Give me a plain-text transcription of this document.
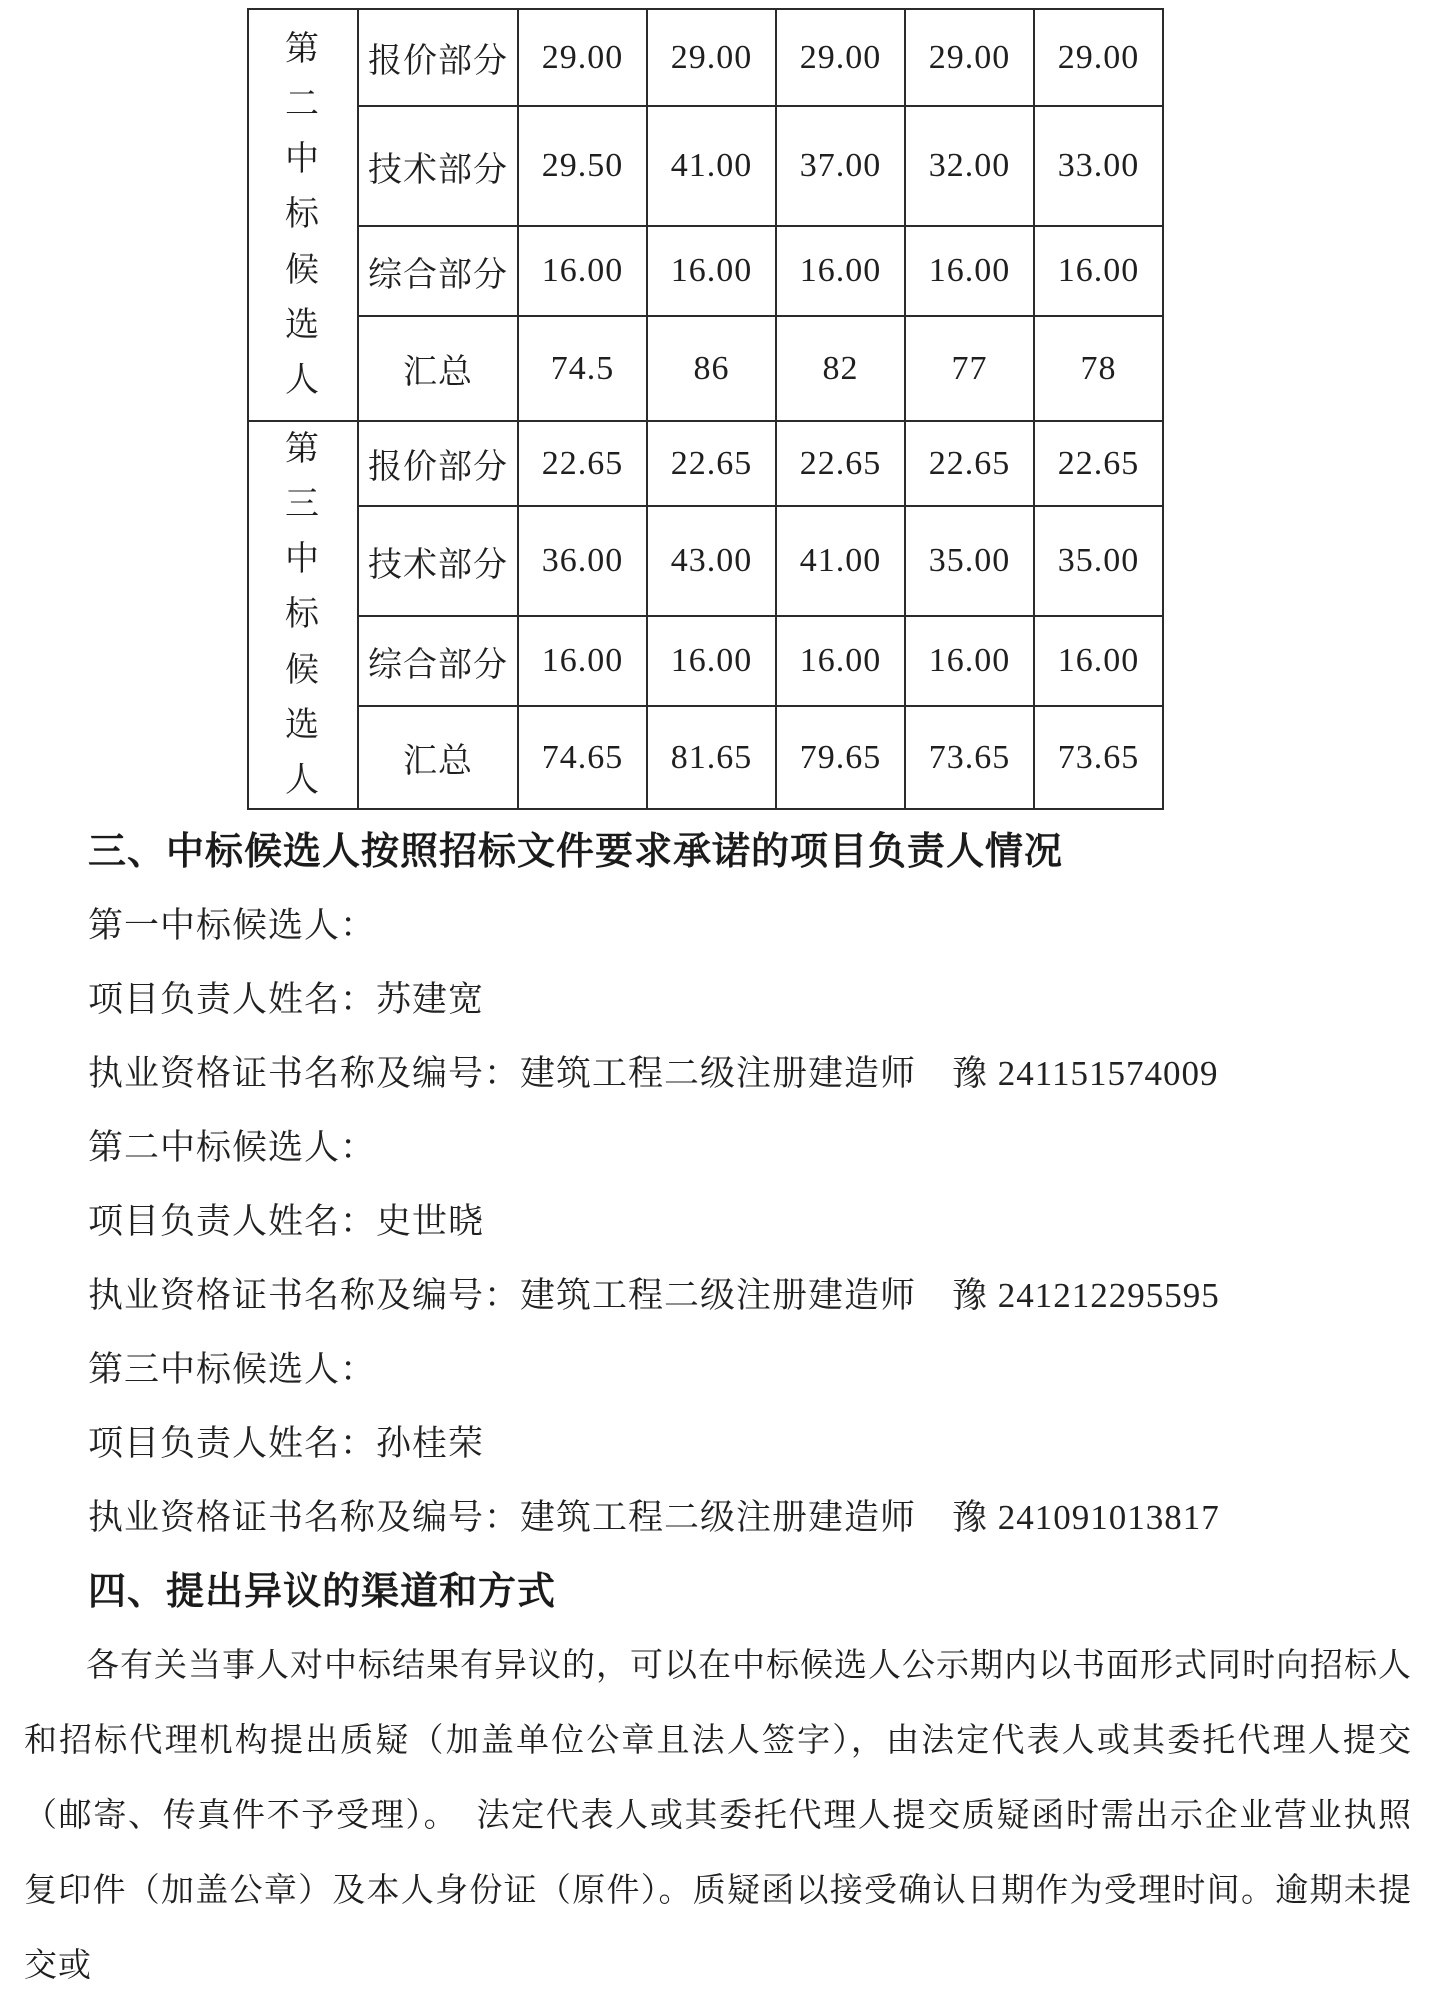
第二中标候选人	报价部分	29.00	29.00	29.00	29.00	29.00
	技术部分	29.50	41.00	37.00	32.00	33.00
	综合部分	16.00	16.00	16.00	16.00	16.00
	汇总	74.5	86	82	77	78

第三中标候选人	报价部分	22.65	22.65	22.65	22.65	22.65
	技术部分	36.00	43.00	41.00	35.00	35.00
	综合部分	16.00	16.00	16.00	16.00	16.00
	汇总	74.65	81.65	79.65	73.65	73.65
三、中标候选人按照招标文件要求承诺的项目负责人情况
第一中标候选人：
项目负责人姓名：苏建宽
执业资格证书名称及编号：建筑工程二级注册建造师　豫 241151574009
第二中标候选人：
项目负责人姓名：史世晓
执业资格证书名称及编号：建筑工程二级注册建造师　豫 241212295595
第三中标候选人：
项目负责人姓名：孙桂荣
执业资格证书名称及编号：建筑工程二级注册建造师　豫 241091013817
四、提出异议的渠道和方式

各有关当事人对中标结果有异议的，可以在中标候选人公示期内以书面形式同时向招标人和招标代理机构提出质疑（加盖单位公章且法人签字），由法定代表人或其委托代理人提交（邮寄、传真件不予受理）。　法定代表人或其委托代理人提交质疑函时需出示企业营业执照复印件（加盖公章）及本人身份证（原件）。质疑函以接受确认日期作为受理时间。逾期未提交或
